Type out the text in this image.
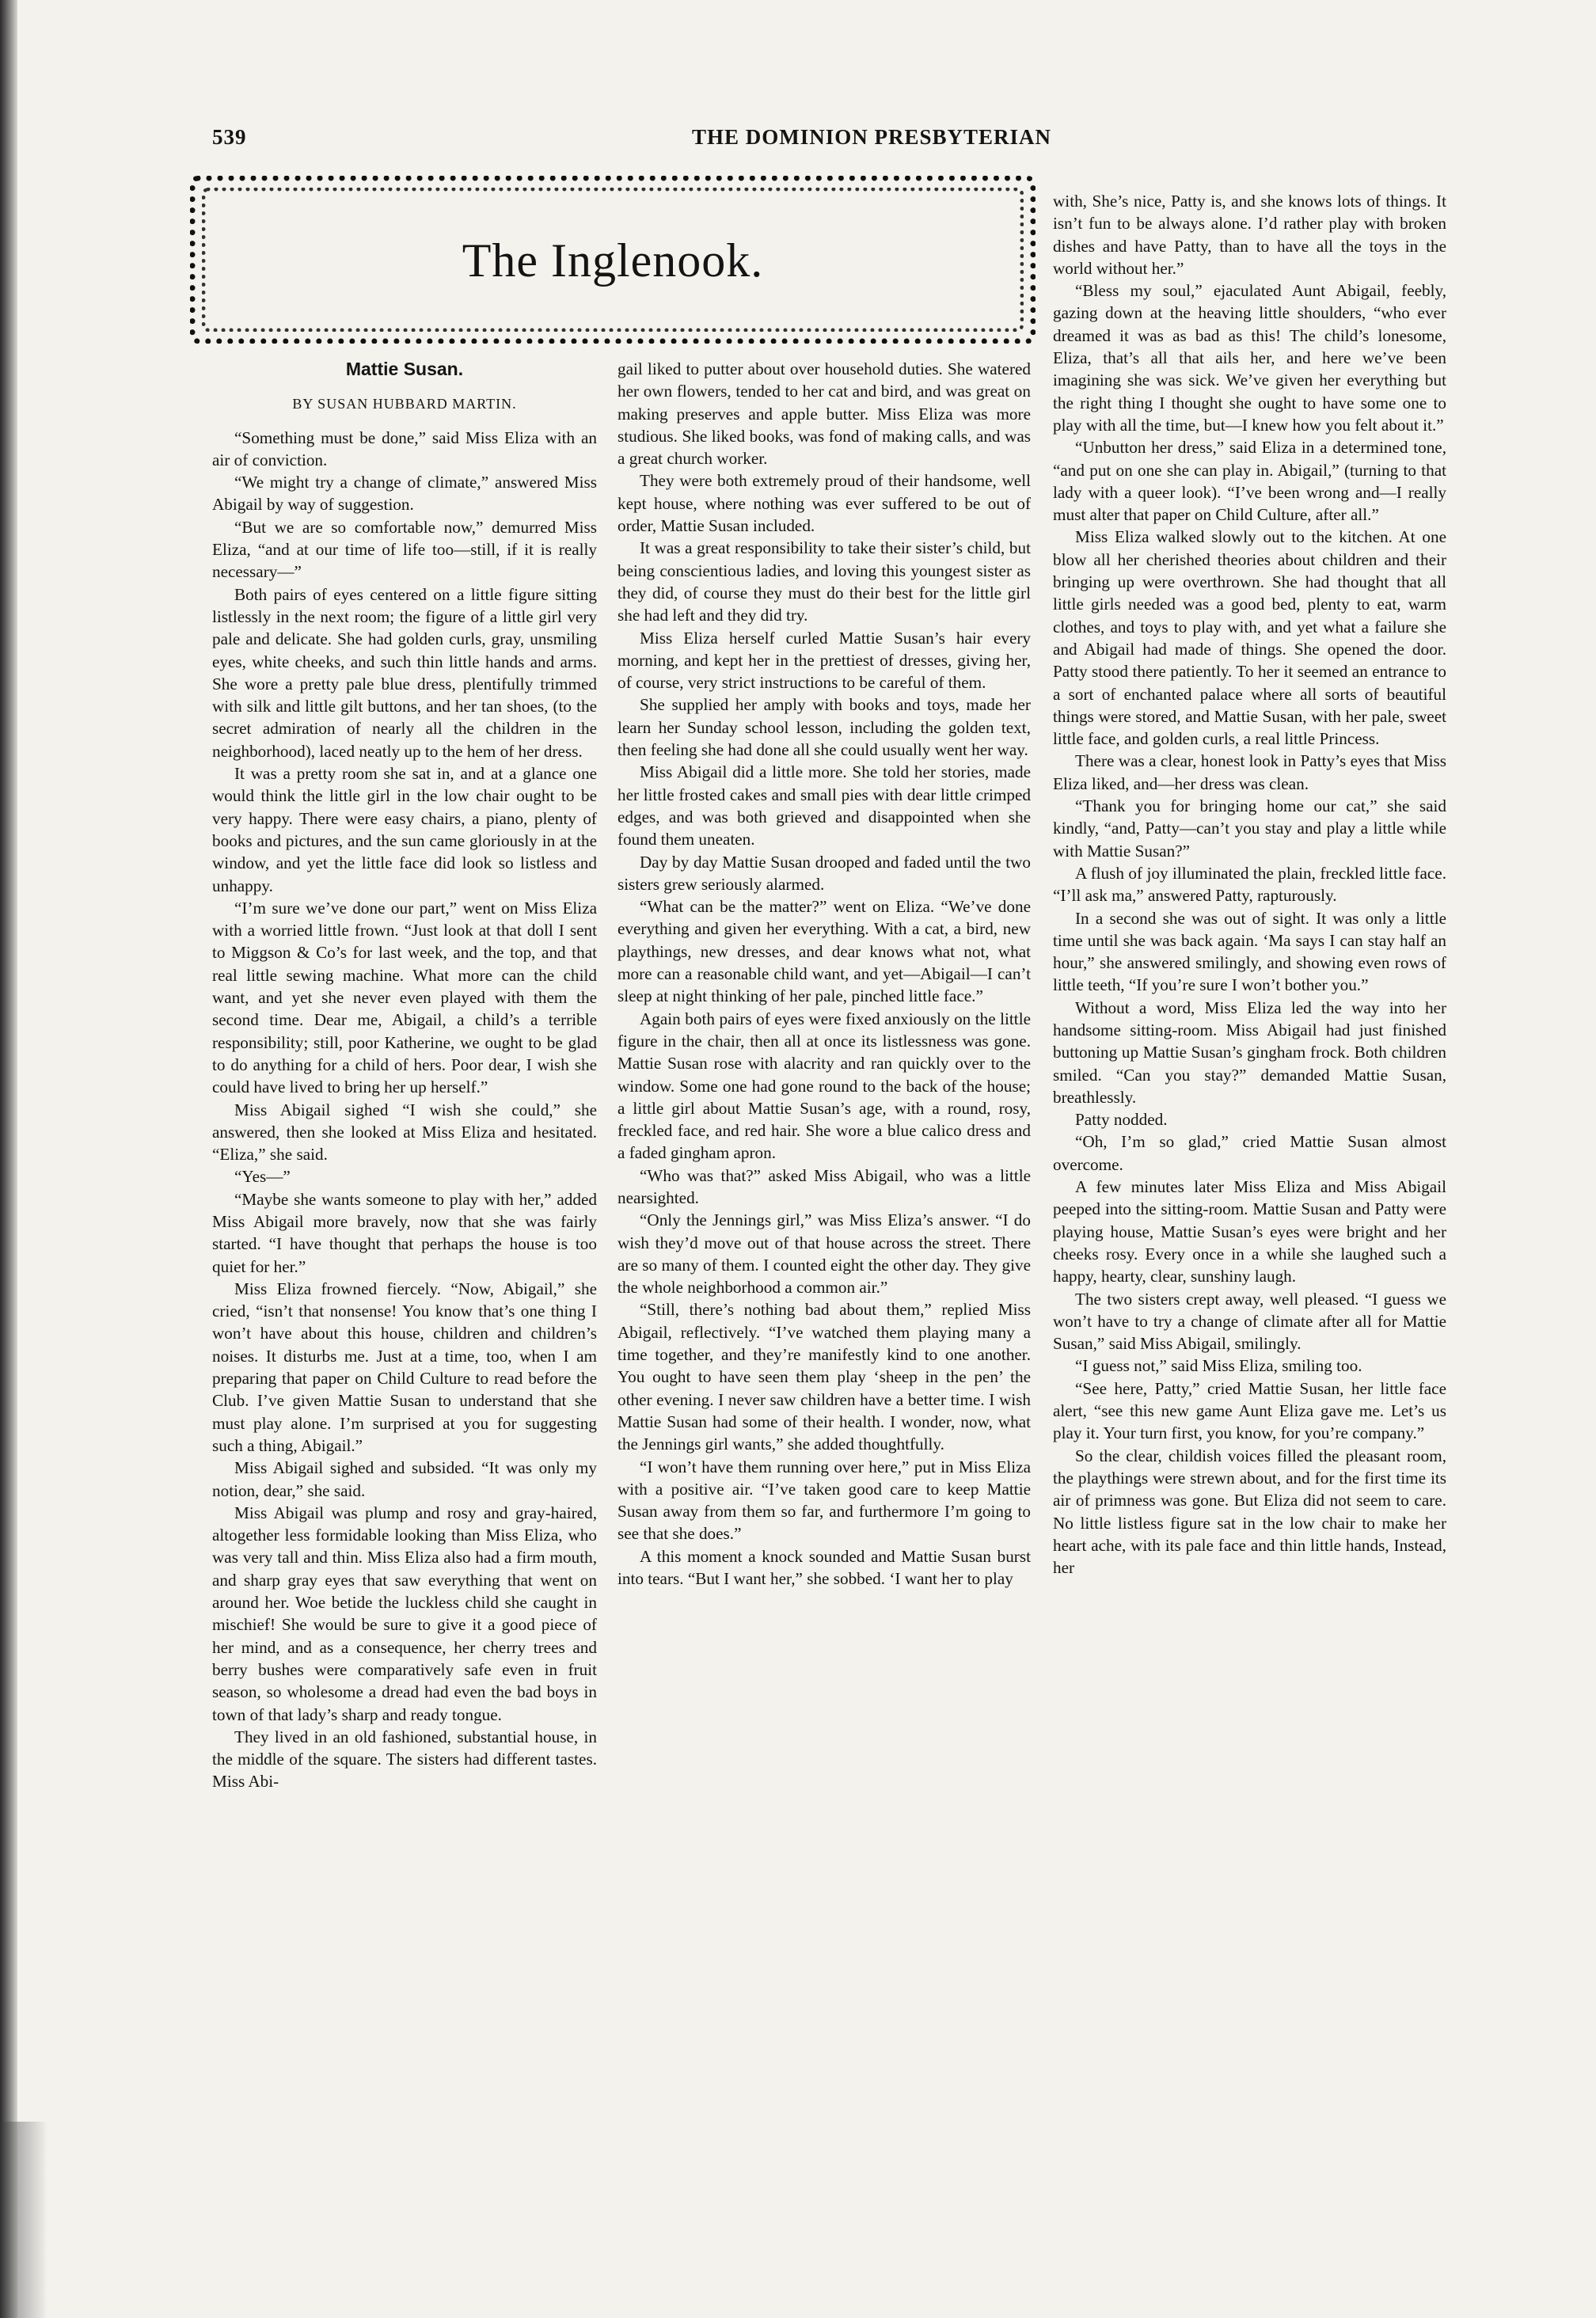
539	THE DOMINION PRESBYTERIAN
The Inglenook.
Mattie Susan.
BY SUSAN HUBBARD MARTIN.

“Something must be done,” said Miss Eliza with an air of conviction.

“We might try a change of climate,” answered Miss Abigail by way of suggestion.

“But we are so comfortable now,” demurred Miss Eliza, “and at our time of life too—still, if it is really necessary—”

Both pairs of eyes centered on a little figure sitting listlessly in the next room; the figure of a little girl very pale and delicate. She had golden curls, gray, unsmiling eyes, white cheeks, and such thin little hands and arms. She wore a pretty pale blue dress, plentifully trimmed with silk and little gilt buttons, and her tan shoes, (to the secret admiration of nearly all the children in the neighborhood), laced neatly up to the hem of her dress.

It was a pretty room she sat in, and at a glance one would think the little girl in the low chair ought to be very happy. There were easy chairs, a piano, plenty of books and pictures, and the sun came gloriously in at the window, and yet the little face did look so listless and unhappy.

“I’m sure we’ve done our part,” went on Miss Eliza with a worried little frown. “Just look at that doll I sent to Miggson & Co’s for last week, and the top, and that real little sewing machine. What more can the child want, and yet she never even played with them the second time. Dear me, Abigail, a child’s a terrible responsibility; still, poor Katherine, we ought to be glad to do anything for a child of hers. Poor dear, I wish she could have lived to bring her up herself.”

Miss Abigail sighed “I wish she could,” she answered, then she looked at Miss Eliza and hesitated. “Eliza,” she said.

“Yes—”

“Maybe she wants someone to play with her,” added Miss Abigail more bravely, now that she was fairly started. “I have thought that perhaps the house is too quiet for her.”

Miss Eliza frowned fiercely. “Now, Abigail,” she cried, “isn’t that nonsense! You know that’s one thing I won’t have about this house, children and children’s noises. It disturbs me. Just at a time, too, when I am preparing that paper on Child Culture to read before the Club. I’ve given Mattie Susan to understand that she must play alone. I’m surprised at you for suggesting such a thing, Abigail.”

Miss Abigail sighed and subsided. “It was only my notion, dear,” she said.

Miss Abigail was plump and rosy and gray-haired, altogether less formidable looking than Miss Eliza, who was very tall and thin. Miss Eliza also had a firm mouth, and sharp gray eyes that saw everything that went on around her. Woe betide the luckless child she caught in mischief! She would be sure to give it a good piece of her mind, and as a consequence, her cherry trees and berry bushes were comparatively safe even in fruit season, so wholesome a dread had even the bad boys in town of that lady’s sharp and ready tongue.

They lived in an old fashioned, substantial house, in the middle of the square. The sisters had different tastes. Miss Abi-

gail liked to putter about over household duties. She watered her own flowers, tended to her cat and bird, and was great on making preserves and apple butter. Miss Eliza was more studious. She liked books, was fond of making calls, and was a great church worker.

They were both extremely proud of their handsome, well kept house, where nothing was ever suffered to be out of order, Mattie Susan included.

It was a great responsibility to take their sister’s child, but being conscientious ladies, and loving this youngest sister as they did, of course they must do their best for the little girl she had left and they did try.

Miss Eliza herself curled Mattie Susan’s hair every morning, and kept her in the prettiest of dresses, giving her, of course, very strict instructions to be careful of them.

She supplied her amply with books and toys, made her learn her Sunday school lesson, including the golden text, then feeling she had done all she could usually went her way.

Miss Abigail did a little more. She told her stories, made her little frosted cakes and small pies with dear little crimped edges, and was both grieved and disappointed when she found them uneaten.

Day by day Mattie Susan drooped and faded until the two sisters grew seriously alarmed.

“What can be the matter?” went on Eliza. “We’ve done everything and given her everything. With a cat, a bird, new playthings, new dresses, and dear knows what not, what more can a reasonable child want, and yet—Abigail—I can’t sleep at night thinking of her pale, pinched little face.”

Again both pairs of eyes were fixed anxiously on the little figure in the chair, then all at once its listlessness was gone. Mattie Susan rose with alacrity and ran quickly over to the window. Some one had gone round to the back of the house; a little girl about Mattie Susan’s age, with a round, rosy, freckled face, and red hair. She wore a blue calico dress and a faded gingham apron.

“Who was that?” asked Miss Abigail, who was a little nearsighted.

“Only the Jennings girl,” was Miss Eliza’s answer. “I do wish they’d move out of that house across the street. There are so many of them. I counted eight the other day. They give the whole neighborhood a common air.”

“Still, there’s nothing bad about them,” replied Miss Abigail, reflectively. “I’ve watched them playing many a time together, and they’re manifestly kind to one another. You ought to have seen them play ‘sheep in the pen’ the other evening. I never saw children have a better time. I wish Mattie Susan had some of their health. I wonder, now, what the Jennings girl wants,” she added thoughtfully.

“I won’t have them running over here,” put in Miss Eliza with a positive air. “I’ve taken good care to keep Mattie Susan away from them so far, and furthermore I’m going to see that she does.”

A this moment a knock sounded and Mattie Susan burst into tears. “But I want her,” she sobbed. ‘I want her to play

with, She’s nice, Patty is, and she knows lots of things. It isn’t fun to be always alone. I’d rather play with broken dishes and have Patty, than to have all the toys in the world without her.”

“Bless my soul,” ejaculated Aunt Abigail, feebly, gazing down at the heaving little shoulders, “who ever dreamed it was as bad as this! The child’s lonesome, Eliza, that’s all that ails her, and here we’ve been imagining she was sick. We’ve given her everything but the right thing I thought she ought to have some one to play with all the time, but—I knew how you felt about it.”

“Unbutton her dress,” said Eliza in a determined tone, “and put on one she can play in. Abigail,” (turning to that lady with a queer look). “I’ve been wrong and—I really must alter that paper on Child Culture, after all.”

Miss Eliza walked slowly out to the kitchen. At one blow all her cherished theories about children and their bringing up were overthrown. She had thought that all little girls needed was a good bed, plenty to eat, warm clothes, and toys to play with, and yet what a failure she and Abigail had made of things. She opened the door. Patty stood there patiently. To her it seemed an entrance to a sort of enchanted palace where all sorts of beautiful things were stored, and Mattie Susan, with her pale, sweet little face, and golden curls, a real little Princess.

There was a clear, honest look in Patty’s eyes that Miss Eliza liked, and—her dress was clean.

“Thank you for bringing home our cat,” she said kindly, “and, Patty—can’t you stay and play a little while with Mattie Susan?”

A flush of joy illuminated the plain, freckled little face. “I’ll ask ma,” answered Patty, rapturously.

In a second she was out of sight. It was only a little time until she was back again. ‘Ma says I can stay half an hour,” she answered smilingly, and showing even rows of little teeth, “If you’re sure I won’t bother you.”

Without a word, Miss Eliza led the way into her handsome sitting-room. Miss Abigail had just finished buttoning up Mattie Susan’s gingham frock. Both children smiled. “Can you stay?” demanded Mattie Susan, breathlessly.

Patty nodded.

“Oh, I’m so glad,” cried Mattie Susan almost overcome.

A few minutes later Miss Eliza and Miss Abigail peeped into the sitting-room. Mattie Susan and Patty were playing house, Mattie Susan’s eyes were bright and her cheeks rosy. Every once in a while she laughed such a happy, hearty, clear, sunshiny laugh.

The two sisters crept away, well pleased. “I guess we won’t have to try a change of climate after all for Mattie Susan,” said Miss Abigail, smilingly.

“I guess not,” said Miss Eliza, smiling too.

“See here, Patty,” cried Mattie Susan, her little face alert, “see this new game Aunt Eliza gave me. Let’s us play it. Your turn first, you know, for you’re company.”

So the clear, childish voices filled the pleasant room, the playthings were strewn about, and for the first time its air of primness was gone. But Eliza did not seem to care. No little listless figure sat in the low chair to make her heart ache, with its pale face and thin little hands, Instead, her
